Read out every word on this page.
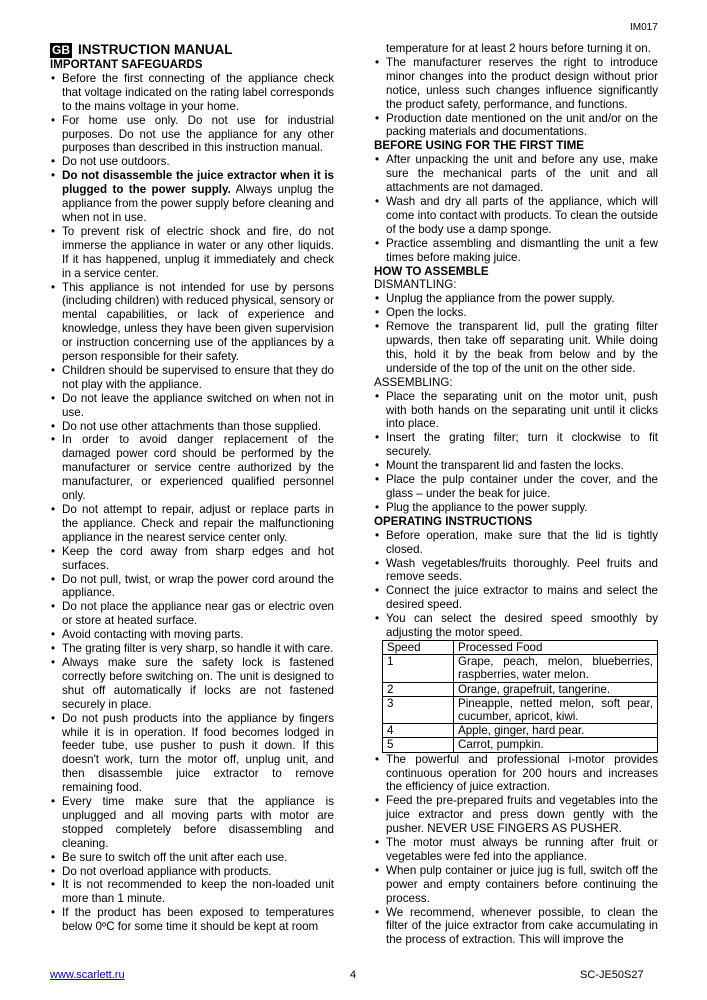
IM017
GB INSTRUCTION MANUAL
IMPORTANT SAFEGUARDS
• Before the first connecting of the appliance check that voltage indicated on the rating label corresponds to the mains voltage in your home.
• For home use only. Do not use for industrial purposes. Do not use the appliance for any other purposes than described in this instruction manual.
• Do not use outdoors.
• Do not disassemble the juice extractor when it is plugged to the power supply. Always unplug the appliance from the power supply before cleaning and when not in use.
• To prevent risk of electric shock and fire, do not immerse the appliance in water or any other liquids. If it has happened, unplug it immediately and check in a service center.
• This appliance is not intended for use by persons (including children) with reduced physical, sensory or mental capabilities, or lack of experience and knowledge, unless they have been given supervision or instruction concerning use of the appliances by a person responsible for their safety.
• Children should be supervised to ensure that they do not play with the appliance.
• Do not leave the appliance switched on when not in use.
• Do not use other attachments than those supplied.
• In order to avoid danger replacement of the damaged power cord should be performed by the manufacturer or service centre authorized by the manufacturer, or experienced qualified personnel only.
• Do not attempt to repair, adjust or replace parts in the appliance. Check and repair the malfunctioning appliance in the nearest service center only.
• Keep the cord away from sharp edges and hot surfaces.
• Do not pull, twist, or wrap the power cord around the appliance.
• Do not place the appliance near gas or electric oven or store at heated surface.
• Avoid contacting with moving parts.
• The grating filter is very sharp, so handle it with care.
• Always make sure the safety lock is fastened correctly before switching on. The unit is designed to shut off automatically if locks are not fastened securely in place.
• Do not push products into the appliance by fingers while it is in operation. If food becomes lodged in feeder tube, use pusher to push it down. If this doesn't work, turn the motor off, unplug unit, and then disassemble juice extractor to remove remaining food.
• Every time make sure that the appliance is unplugged and all moving parts with motor are stopped completely before disassembling and cleaning.
• Be sure to switch off the unit after each use.
• Do not overload appliance with products.
• It is not recommended to keep the non-loaded unit more than 1 minute.
• If the product has been exposed to temperatures below 0ºC for some time it should be kept at room
temperature for at least 2 hours before turning it on.
• The manufacturer reserves the right to introduce minor changes into the product design without prior notice, unless such changes influence significantly the product safety, performance, and functions.
• Production date mentioned on the unit and/or on the packing materials and documentations.
BEFORE USING FOR THE FIRST TIME
• After unpacking the unit and before any use, make sure the mechanical parts of the unit and all attachments are not damaged.
• Wash and dry all parts of the appliance, which will come into contact with products. To clean the outside of the body use a damp sponge.
• Practice assembling and dismantling the unit a few times before making juice.
HOW TO ASSEMBLE
DISMANTLING:
• Unplug the appliance from the power supply.
• Open the locks.
• Remove the transparent lid, pull the grating filter upwards, then take off separating unit. While doing this, hold it by the beak from below and by the underside of the top of the unit on the other side.
ASSEMBLING:
• Place the separating unit on the motor unit, push with both hands on the separating unit until it clicks into place.
• Insert the grating filter; turn it clockwise to fit securely.
• Mount the transparent lid and fasten the locks.
• Place the pulp container under the cover, and the glass – under the beak for juice.
• Plug the appliance to the power supply.
OPERATING INSTRUCTIONS
• Before operation, make sure that the lid is tightly closed.
• Wash vegetables/fruits thoroughly. Peel fruits and remove seeds.
• Connect the juice extractor to mains and select the desired speed.
• You can select the desired speed smoothly by adjusting the motor speed.
Speed	Processed Food
1	Grape, peach, melon, blueberries, raspberries, water melon.
2	Orange, grapefruit, tangerine.
3	Pineapple, netted melon, soft pear, cucumber, apricot, kiwi.
4	Apple, ginger, hard pear.
5	Carrot, pumpkin.
• The powerful and professional i-motor provides continuous operation for 200 hours and increases the efficiency of juice extraction.
• Feed the pre-prepared fruits and vegetables into the juice extractor and press down gently with the pusher. NEVER USE FINGERS AS PUSHER.
• The motor must always be running after fruit or vegetables were fed into the appliance.
• When pulp container or juice jug is full, switch off the power and empty containers before continuing the process.
• We recommend, whenever possible, to clean the filter of the juice extractor from cake accumulating in the process of extraction. This will improve the
www.scarlett.ru	4	SC-JE50S27
